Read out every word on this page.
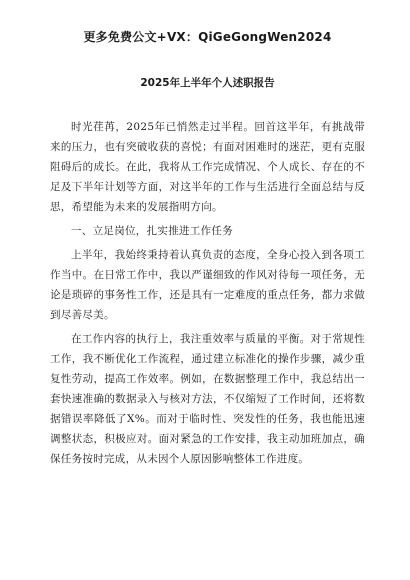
更多免费公文+VX：QiGeGongWen2024
2025年上半年个人述职报告

时光荏苒，2025年已悄然走过半程。回首这半年，有挑战带来的压力，也有突破收获的喜悦；有面对困难时的迷茫，更有克服阻碍后的成长。在此，我将从工作完成情况、个人成长、存在的不足及下半年计划等方面，对这半年的工作与生活进行全面总结与反思，希望能为未来的发展指明方向。

一、立足岗位，扎实推进工作任务

上半年，我始终秉持着认真负责的态度，全身心投入到各项工作当中。在日常工作中，我以严谨细致的作风对待每一项任务，无论是琐碎的事务性工作，还是具有一定难度的重点任务，都力求做到尽善尽美。

在工作内容的执行上，我注重效率与质量的平衡。对于常规性工作，我不断优化工作流程，通过建立标准化的操作步骤，减少重复性劳动，提高工作效率。例如，在数据整理工作中，我总结出一套快速准确的数据录入与核对方法，不仅缩短了工作时间，还将数据错误率降低了X%。而对于临时性、突发性的任务，我也能迅速调整状态，积极应对。面对紧急的工作安排，我主动加班加点，确保任务按时完成，从未因个人原因影响整体工作进度。
